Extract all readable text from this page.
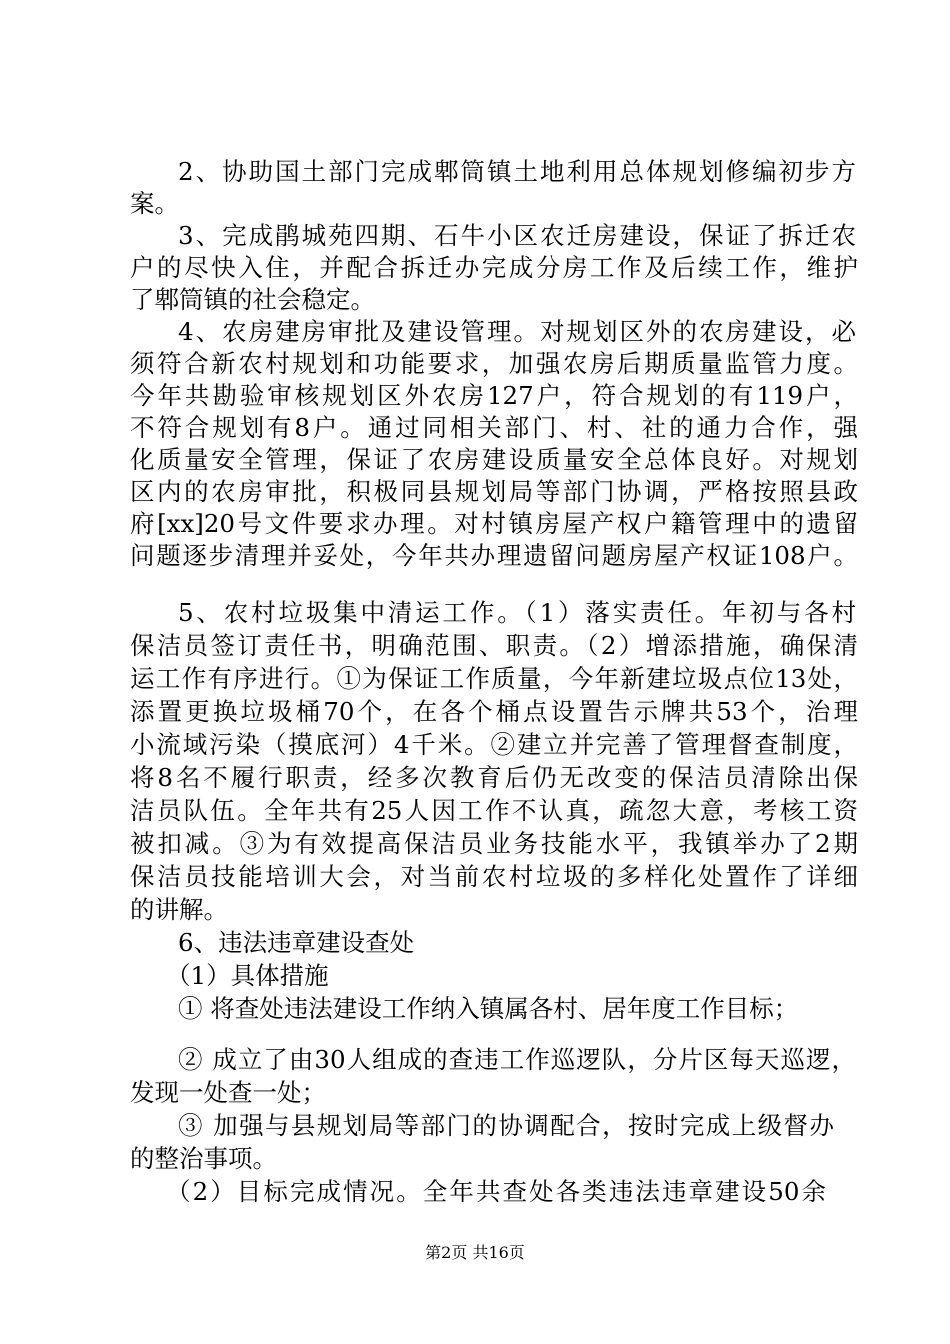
2、协助国土部门完成郫筒镇土地利用总体规划修编初步方
案。
3、完成鹃城苑四期、石牛小区农迁房建设，保证了拆迁农
户的尽快入住，并配合拆迁办完成分房工作及后续工作，维护
了郫筒镇的社会稳定。
4、农房建房审批及建设管理。对规划区外的农房建设，必
须符合新农村规划和功能要求，加强农房后期质量监管力度。
今年共勘验审核规划区外农房127户，符合规划的有119户，
不符合规划有8户。通过同相关部门、村、社的通力合作，强
化质量安全管理，保证了农房建设质量安全总体良好。对规划
区内的农房审批，积极同县规划局等部门协调，严格按照县政
府[xx]20号文件要求办理。对村镇房屋产权户籍管理中的遗留
问题逐步清理并妥处，今年共办理遗留问题房屋产权证108户。
5、农村垃圾集中清运工作。（1）落实责任。年初与各村
保洁员签订责任书，明确范围、职责。（2）增添措施，确保清
运工作有序进行。①为保证工作质量，今年新建垃圾点位13处，
添置更换垃圾桶70个，在各个桶点设置告示牌共53个，治理
小流域污染（摸底河）4千米。②建立并完善了管理督查制度，
将8名不履行职责，经多次教育后仍无改变的保洁员清除出保
洁员队伍。全年共有25人因工作不认真，疏忽大意，考核工资
被扣减。③为有效提高保洁员业务技能水平，我镇举办了2期
保洁员技能培训大会，对当前农村垃圾的多样化处置作了详细
的讲解。
6、违法违章建设查处
（1）具体措施
① 将查处违法建设工作纳入镇属各村、居年度工作目标；
② 成立了由30人组成的查违工作巡逻队，分片区每天巡逻，
发现一处查一处；
③ 加强与县规划局等部门的协调配合，按时完成上级督办
的整治事项。
（2）目标完成情况。全年共查处各类违法违章建设50余
第2页 共16页
